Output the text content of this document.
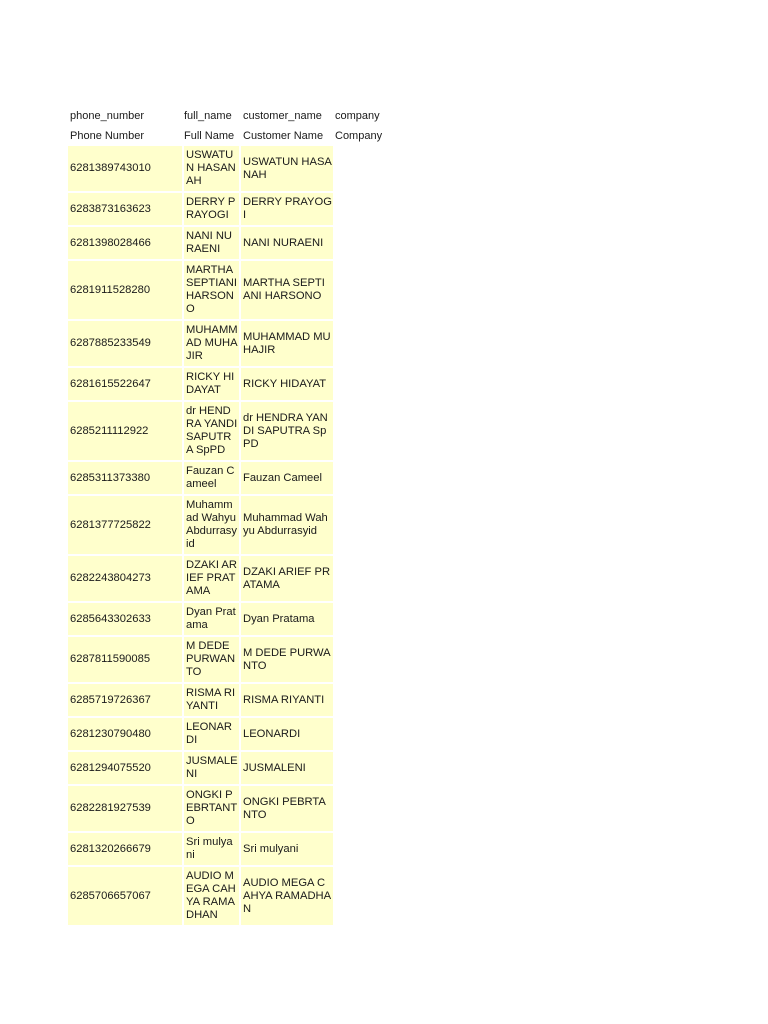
phone_number	full_name	customer_name	company
Phone Number	Full Name	Customer Name	Company
6281389743010	USWATUN HASANAH	USWATUN HASANAH	
6283873163623	DERRY PRAYOGI	DERRY PRAYOGI	
6281398028466	NANI NURAENI	NANI NURAENI	
6281911528280	MARTHA SEPTIANI HARSONO	MARTHA SEPTIANI HARSONO	
6287885233549	MUHAMMAD MUHAJIR	MUHAMMAD MUHAJIR	
6281615522647	RICKY HIDAYAT	RICKY HIDAYAT	
6285211112922	dr HENDRA YANDI SAPUTRA SpPD	dr HENDRA YANDI SAPUTRA SpPD	
6285311373380	Fauzan Cameel	Fauzan Cameel	
6281377725822	Muhammad Wahyu Abdurrasyid	Muhammad Wahyu Abdurrasyid	
6282243804273	DZAKI ARIEF PRATAMA	DZAKI ARIEF PRATAMA	
6285643302633	Dyan Pratama	Dyan Pratama	
6287811590085	M DEDE PURWANTO	M DEDE PURWANTO	
6285719726367	RISMA RIYANTI	RISMA RIYANTI	
6281230790480	LEONARDI	LEONARDI	
6281294075520	JUSMALENI	JUSMALENI	
6282281927539	ONGKI PEBRTANTO	ONGKI PEBRTANTO	
6281320266679	Sri mulyani	Sri mulyani	
6285706657067	AUDIO MEGA CAHYA RAMADHAN	AUDIO MEGA CAHYA RAMADHAN	
